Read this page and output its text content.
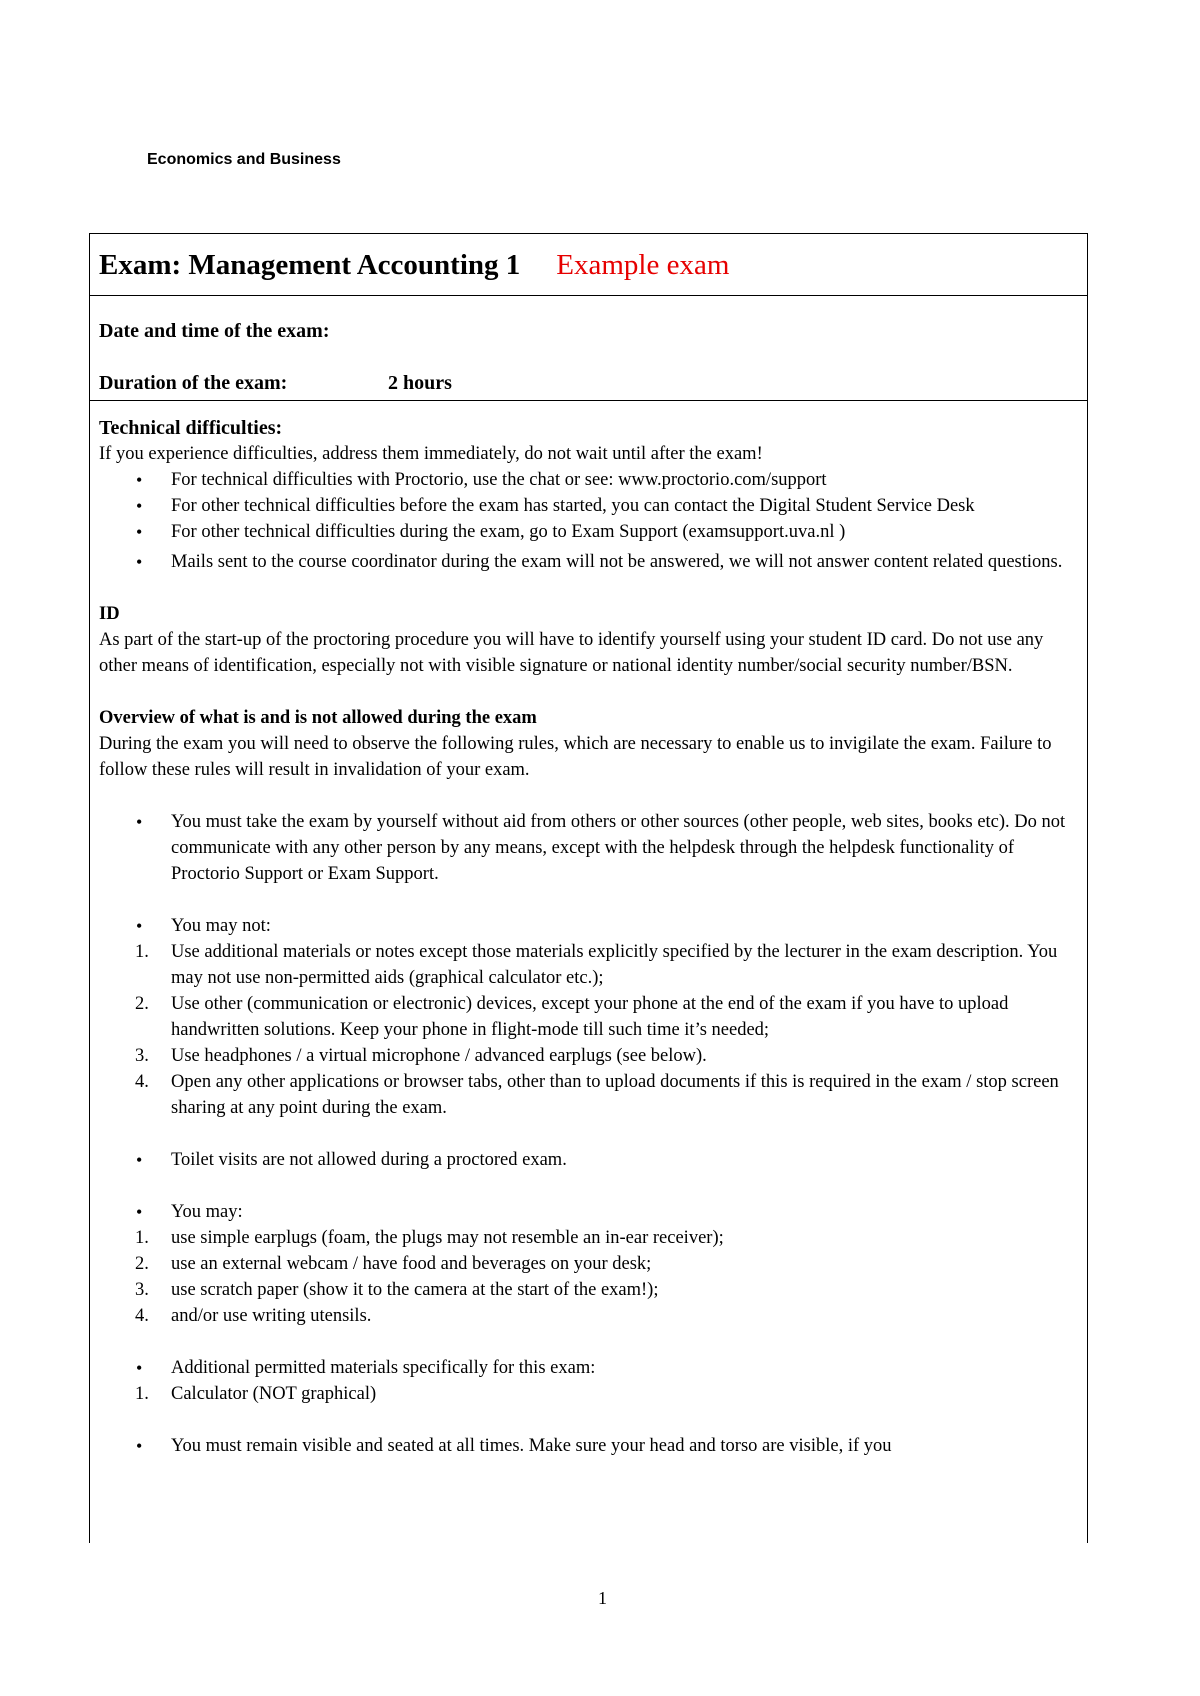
Economics and Business
Exam: Management Accounting 1 Example exam
Date and time of the exam:
Duration of the exam:	2 hours
Technical difficulties:

If you experience difficulties, address them immediately, do not wait until after the exam!

• For technical difficulties with Proctorio, use the chat or see: www.proctorio.com/support
• For other technical difficulties before the exam has started, you can contact the Digital Student Service Desk
• For other technical difficulties during the exam, go to Exam Support (examsupport.uva.nl )
• Mails sent to the course coordinator during the exam will not be answered, we will not answer content related questions.
ID

As part of the start-up of the proctoring procedure you will have to identify yourself using your student ID card. Do not use any other means of identification, especially not with visible signature or national identity number/social security number/BSN.

Overview of what is and is not allowed during the exam

During the exam you will need to observe the following rules, which are necessary to enable us to invigilate the exam. Failure to follow these rules will result in invalidation of your exam.

• You must take the exam by yourself without aid from others or other sources (other people, web sites, books etc). Do not communicate with any other person by any means, except with the helpdesk through the helpdesk functionality of Proctorio Support or Exam Support.
• You may not:
1. Use additional materials or notes except those materials explicitly specified by the lecturer in the exam description. You may not use non-permitted aids (graphical calculator etc.);
2. Use other (communication or electronic) devices, except your phone at the end of the exam if you have to upload handwritten solutions. Keep your phone in flight-mode till such time it’s needed;
3. Use headphones / a virtual microphone / advanced earplugs (see below).
4. Open any other applications or browser tabs, other than to upload documents if this is required in the exam / stop screen sharing at any point during the exam.
• Toilet visits are not allowed during a proctored exam.
• You may:
1. use simple earplugs (foam, the plugs may not resemble an in-ear receiver);
2. use an external webcam / have food and beverages on your desk;
3. use scratch paper (show it to the camera at the start of the exam!);
4. and/or use writing utensils.
• Additional permitted materials specifically for this exam:
1. Calculator (NOT graphical)
• You must remain visible and seated at all times. Make sure your head and torso are visible, if you
1
